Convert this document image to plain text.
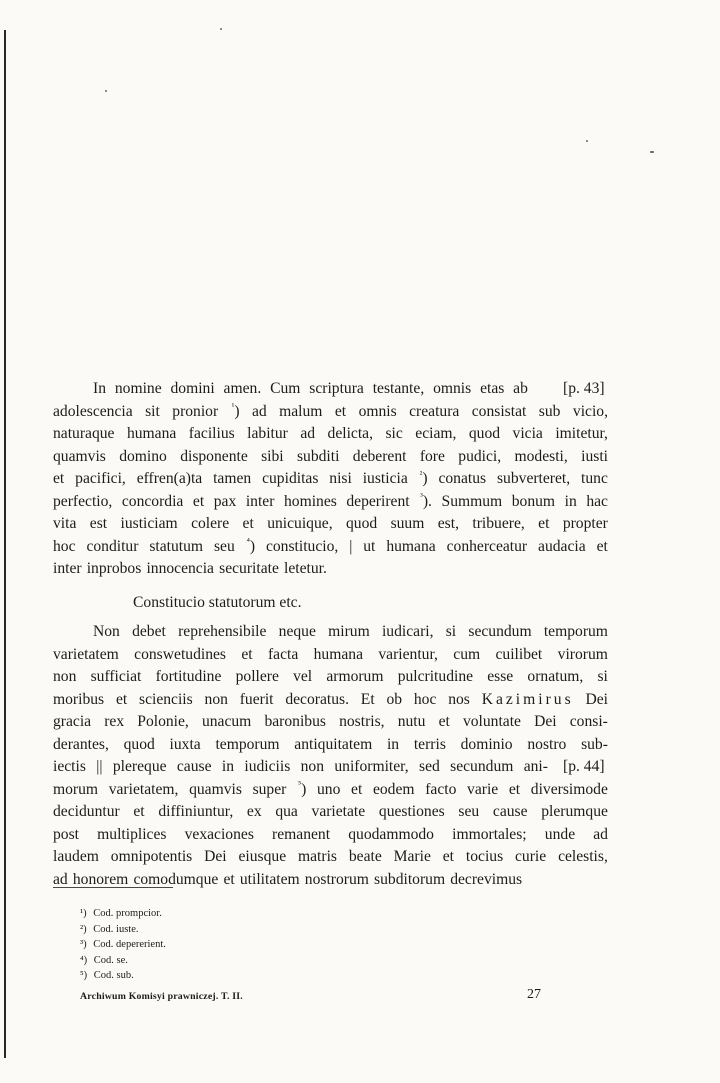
In nomine domini amen. Cum scriptura testante, omnis etas ab [p. 43]
adolescencia sit pronior $^{^1}$) ad malum et omnis creatura consistat sub vicio,
naturaque humana facilius labitur ad delicta, sic eciam, quod vicia imitetur,
quamvis domino disponente sibi subditi deberent fore pudici, modesti, iusti
et pacifici, effren(a)ta tamen cupiditas nisi iusticia $^{^2}$) conatus subverteret, tunc
perfectio, concordia et pax inter homines deperirent $^{^3}$). Summum bonum in hac
vita est iusticiam colere et unicuique, quod suum est, tribuere, et propter
hoc conditur statutum seu $^{^4}$) constitucio, | ut humana conherceatur audacia et
inter inprobos innocencia securitate letetur.
Constitucio statutorum etc.
Non debet reprehensibile neque mirum iudicari, si secundum temporum
varietatem conswetudines et facta humana varientur, cum cuilibet virorum
non sufficiat fortitudine pollere vel armorum pulcritudine esse ornatum, si
moribus et scienciis non fuerit decoratus. Et ob hoc nos Kazimirus Dei
gracia rex Polonie, unacum baronibus nostris, nutu et voluntate Dei consi-
derantes, quod iuxta temporum antiquitatem in terris dominio nostro sub-
iectis || plereque cause in iudiciis non uniformiter, sed secundum ani- [p. 44]
morum varietatem, quamvis super $^{^5}$) uno et eodem facto varie et diversimode
deciduntur et diffiniuntur, ex qua varietate questiones seu cause plerumque
post multiplices vexaciones remanent quodammodo immortales; unde ad
laudem omnipotentis Dei eiusque matris beate Marie et tocius curie celestis,
ad honorem comodumque et utilitatem nostrorum subditorum decrevimus
¹) Cod. prompcior.
²) Cod. iuste.
³) Cod. depererient.
⁴) Cod. se.
⁵) Cod. sub.
Archiwum Komisyi prawniczej. T. II.	27
